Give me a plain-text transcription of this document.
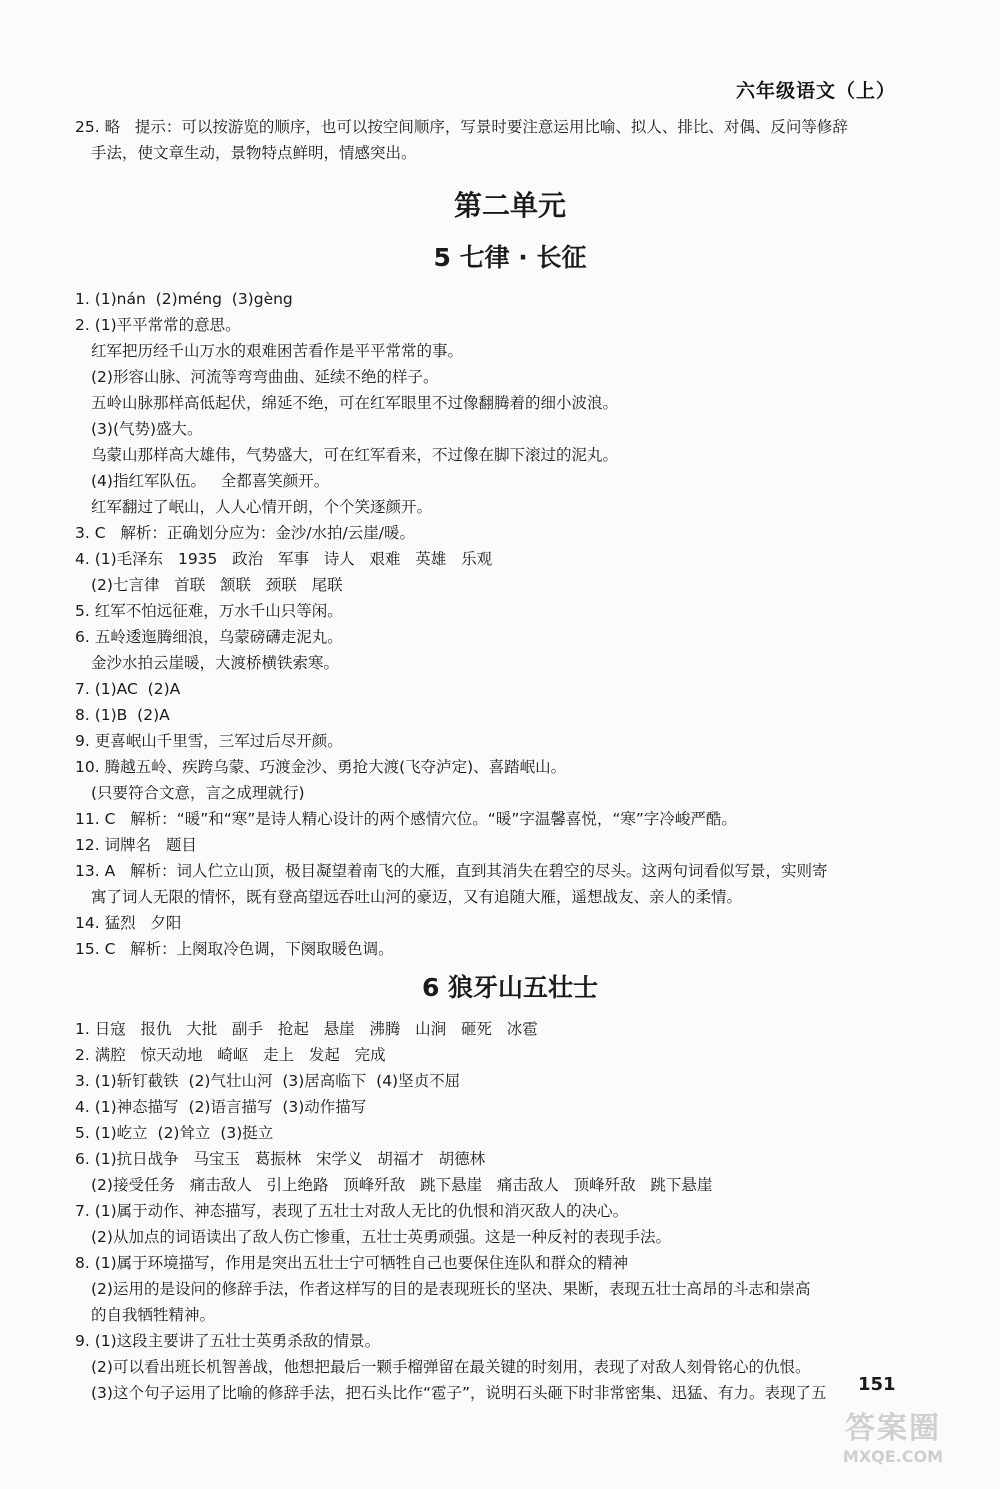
六年级语文（上）
25. 略   提示：可以按游览的顺序，也可以按空间顺序，写景时要注意运用比喻、拟人、排比、对偶、反问等修辞
手法，使文章生动，景物特点鲜明，情感突出。
第二单元
5 七律 · 长征
1. (1)nán  (2)méng  (3)gèng
2. (1)平平常常的意思。
红军把历经千山万水的艰难困苦看作是平平常常的事。
(2)形容山脉、河流等弯弯曲曲、延续不绝的样子。
五岭山脉那样高低起伏，绵延不绝，可在红军眼里不过像翻腾着的细小波浪。
(3)(气势)盛大。
乌蒙山那样高大雄伟，气势盛大，可在红军看来，不过像在脚下滚过的泥丸。
(4)指红军队伍。   全都喜笑颜开。
红军翻过了岷山，人人心情开朗，个个笑逐颜开。
3. C   解析：正确划分应为：金沙/水拍/云崖/暖。
4. (1)毛泽东   1935   政治   军事   诗人   艰难   英雄   乐观
(2)七言律   首联   颔联   颈联   尾联
5. 红军不怕远征难，万水千山只等闲。
6. 五岭逶迤腾细浪，乌蒙磅礴走泥丸。
金沙水拍云崖暖，大渡桥横铁索寒。
7. (1)AC  (2)A
8. (1)B  (2)A
9. 更喜岷山千里雪，三军过后尽开颜。
10. 腾越五岭、疾跨乌蒙、巧渡金沙、勇抢大渡(飞夺泸定)、喜踏岷山。
(只要符合文意，言之成理就行)
11. C   解析：“暖”和“寒”是诗人精心设计的两个感情穴位。“暖”字温馨喜悦，“寒”字冷峻严酷。
12. 词牌名   题目
13. A   解析：词人伫立山顶，极目凝望着南飞的大雁，直到其消失在碧空的尽头。这两句词看似写景，实则寄
寓了词人无限的情怀，既有登高望远吞吐山河的豪迈，又有追随大雁，遥想战友、亲人的柔情。
14. 猛烈   夕阳
15. C   解析：上阕取冷色调，下阕取暖色调。
6 狼牙山五壮士
1. 日寇   报仇   大批   副手   抢起   悬崖   沸腾   山涧   砸死   冰雹
2. 满腔   惊天动地   崎岖   走上   发起   完成
3. (1)斩钉截铁  (2)气壮山河  (3)居高临下  (4)坚贞不屈
4. (1)神态描写  (2)语言描写  (3)动作描写
5. (1)屹立  (2)耸立  (3)挺立
6. (1)抗日战争   马宝玉   葛振林   宋学义   胡福才   胡德林
(2)接受任务   痛击敌人   引上绝路   顶峰歼敌   跳下悬崖   痛击敌人   顶峰歼敌   跳下悬崖
7. (1)属于动作、神态描写，表现了五壮士对敌人无比的仇恨和消灭敌人的决心。
(2)从加点的词语读出了敌人伤亡惨重，五壮士英勇顽强。这是一种反衬的表现手法。
8. (1)属于环境描写，作用是突出五壮士宁可牺牲自己也要保住连队和群众的精神
(2)运用的是设问的修辞手法，作者这样写的目的是表现班长的坚决、果断，表现五壮士高昂的斗志和崇高
的自我牺牲精神。
9. (1)这段主要讲了五壮士英勇杀敌的情景。
(2)可以看出班长机智善战，他想把最后一颗手榴弹留在最关键的时刻用，表现了对敌人刻骨铭心的仇恨。
(3)这个句子运用了比喻的修辞手法，把石头比作“雹子”，说明石头砸下时非常密集、迅猛、有力。表现了五	151
答案圈
MXQE.COM
